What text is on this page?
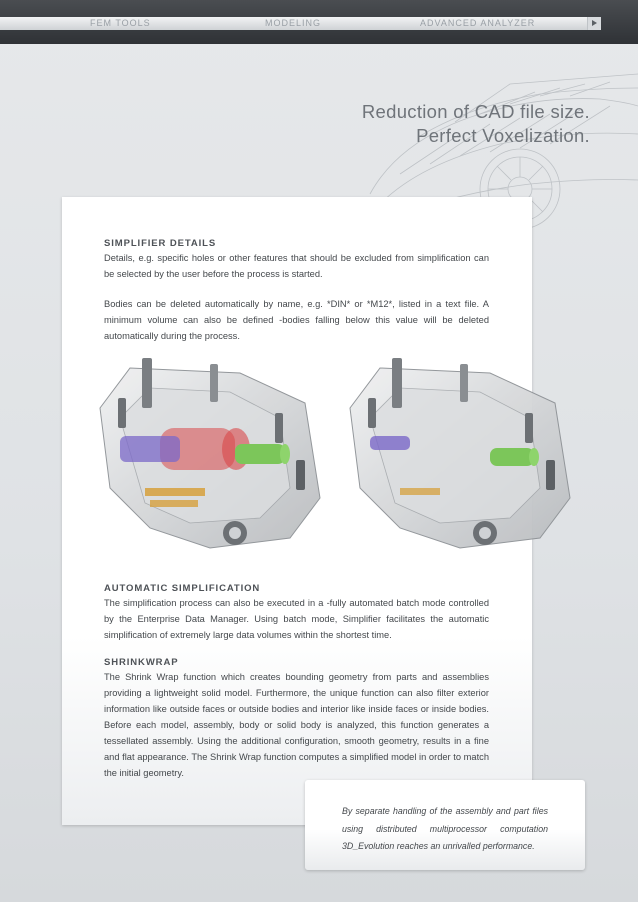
FEM TOOLS	MODELING	ADVANCED ANALYZER
Reduction of CAD file size.
Perfect Voxelization.
SIMPLIFIER DETAILS
Details, e.g. specific holes or other features that should be excluded from simplification can be selected by the user before the process is started.
Bodies can be deleted automatically by name, e.g. *DIN* or *M12*, listed in a text file. A minimum volume can also be defined -bodies falling below this value will be deleted automatically during the process.
AUTOMATIC SIMPLIFICATION
The simplification process can also be executed in a -fully automated batch mode controlled by the Enterprise Data Manager. Using batch mode, Simplifier facilitates the automatic simplification of extremely large data volumes within the shortest time.
SHRINKWRAP
The Shrink Wrap function which creates bounding geometry from parts and assemblies providing a lightweight solid model. Furthermore, the unique function can also filter exterior information like outside faces or outside bodies and interior like inside faces or inside bodies. Before each model, assembly, body or solid body is analyzed, this function generates a tessellated assembly. Using the additional configuration, smooth geometry, results in a fine and flat appearance. The Shrink Wrap function computes a simplified model in order to match the initial geometry.
By separate handling of the assembly and part files using distributed multiprocessor computation 3D_Evolution reaches an unrivalled performance.
